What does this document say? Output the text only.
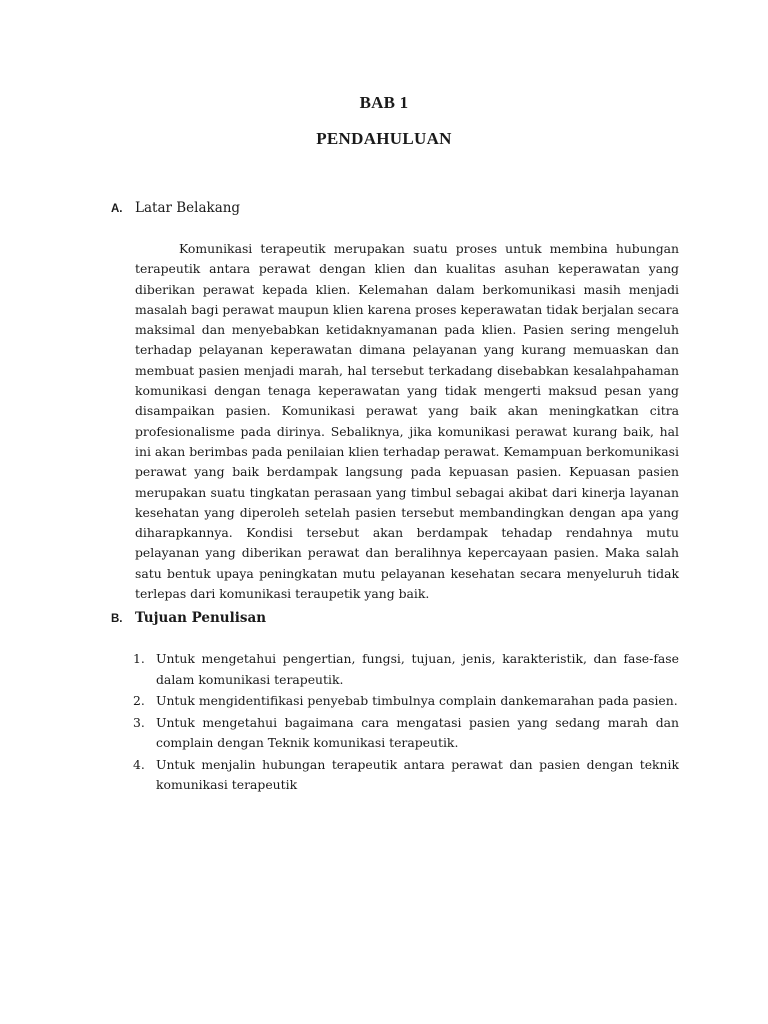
BAB 1
PENDAHULUAN
A. Latar Belakang

Komunikasi terapeutik merupakan suatu proses untuk membina hubungan terapeutik antara perawat dengan klien dan kualitas asuhan keperawatan yang diberikan perawat kepada klien. Kelemahan dalam berkomunikasi masih menjadi masalah bagi perawat maupun klien karena proses keperawatan tidak berjalan secara maksimal dan menyebabkan ketidaknyamanan pada klien. Pasien sering mengeluh terhadap pelayanan keperawatan dimana pelayanan yang kurang memuaskan dan membuat pasien menjadi marah, hal tersebut terkadang disebabkan kesalahpahaman komunikasi dengan tenaga keperawatan yang tidak mengerti maksud pesan yang disampaikan pasien. Komunikasi perawat yang baik akan meningkatkan citra profesionalisme pada dirinya. Sebaliknya, jika komunikasi perawat kurang baik, hal ini akan berimbas pada penilaian klien terhadap perawat. Kemampuan berkomunikasi perawat yang baik berdampak langsung pada kepuasan pasien. Kepuasan pasien merupakan suatu tingkatan perasaan yang timbul sebagai akibat dari kinerja layanan kesehatan yang diperoleh setelah pasien tersebut membandingkan dengan apa yang diharapkannya. Kondisi tersebut akan berdampak tehadap rendahnya mutu pelayanan yang diberikan perawat dan beralihnya kepercayaan pasien. Maka salah satu bentuk upaya peningkatan mutu pelayanan kesehatan secara menyeluruh tidak terlepas dari komunikasi teraupetik yang baik.

B. Tujuan Penulisan
1. Untuk mengetahui pengertian, fungsi, tujuan, jenis, karakteristik, dan fase-fase dalam komunikasi terapeutik.
2. Untuk mengidentifikasi penyebab timbulnya complain dankemarahan pada pasien.
3. Untuk mengetahui bagaimana cara mengatasi pasien yang sedang marah dan complain dengan Teknik komunikasi terapeutik.
4. Untuk menjalin hubungan terapeutik antara perawat dan pasien dengan teknik komunikasi terapeutik
